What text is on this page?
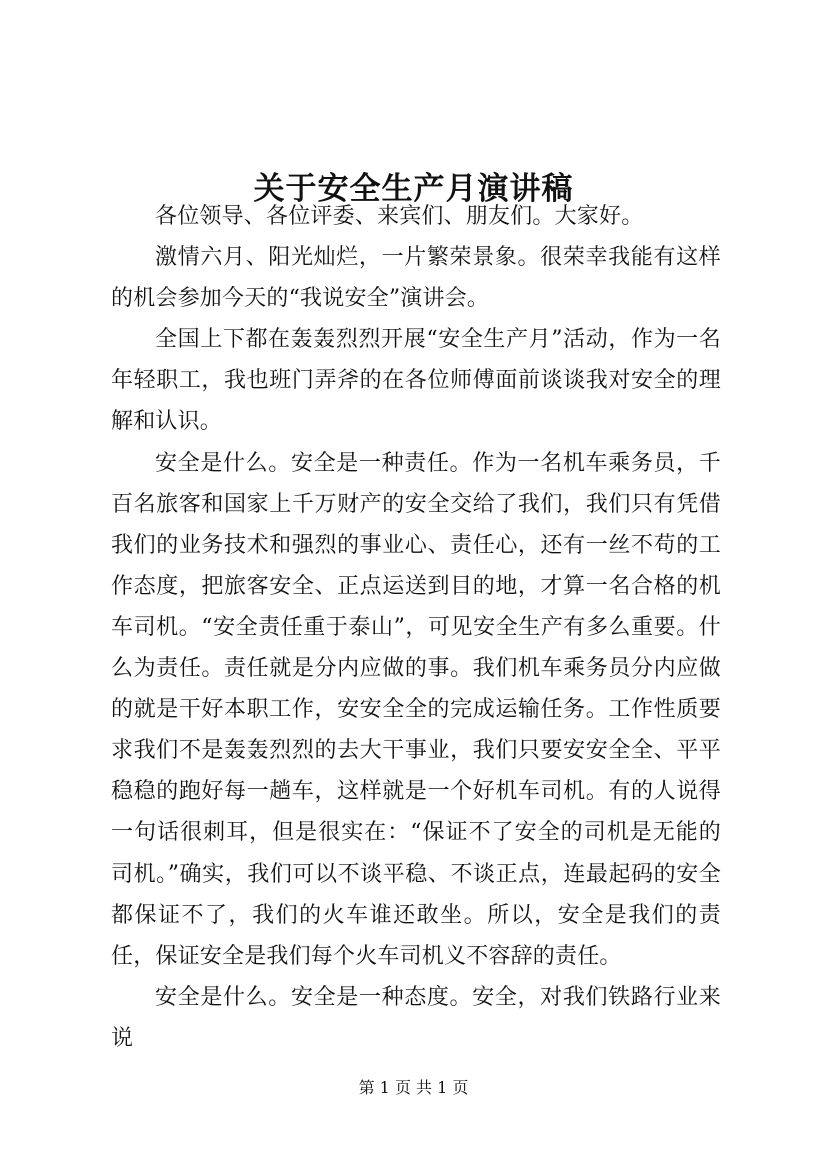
关于安全生产月演讲稿

各位领导、各位评委、来宾们、朋友们。大家好。

激情六月、阳光灿烂，一片繁荣景象。很荣幸我能有这样的机会参加今天的“我说安全”演讲会。

全国上下都在轰轰烈烈开展“安全生产月”活动，作为一名年轻职工，我也班门弄斧的在各位师傅面前谈谈我对安全的理解和认识。

安全是什么。安全是一种责任。作为一名机车乘务员，千百名旅客和国家上千万财产的安全交给了我们，我们只有凭借我们的业务技术和强烈的事业心、责任心，还有一丝不苟的工作态度，把旅客安全、正点运送到目的地，才算一名合格的机车司机。“安全责任重于泰山”，可见安全生产有多么重要。什么为责任。责任就是分内应做的事。我们机车乘务员分内应做的就是干好本职工作，安安全全的完成运输任务。工作性质要求我们不是轰轰烈烈的去大干事业，我们只要安安全全、平平稳稳的跑好每一趟车，这样就是一个好机车司机。有的人说得一句话很刺耳，但是很实在：“保证不了安全的司机是无能的司机。”确实，我们可以不谈平稳、不谈正点，连最起码的安全都保证不了，我们的火车谁还敢坐。所以，安全是我们的责任，保证安全是我们每个火车司机义不容辞的责任。

安全是什么。安全是一种态度。安全，对我们铁路行业来说

第 1 页 共 1 页
